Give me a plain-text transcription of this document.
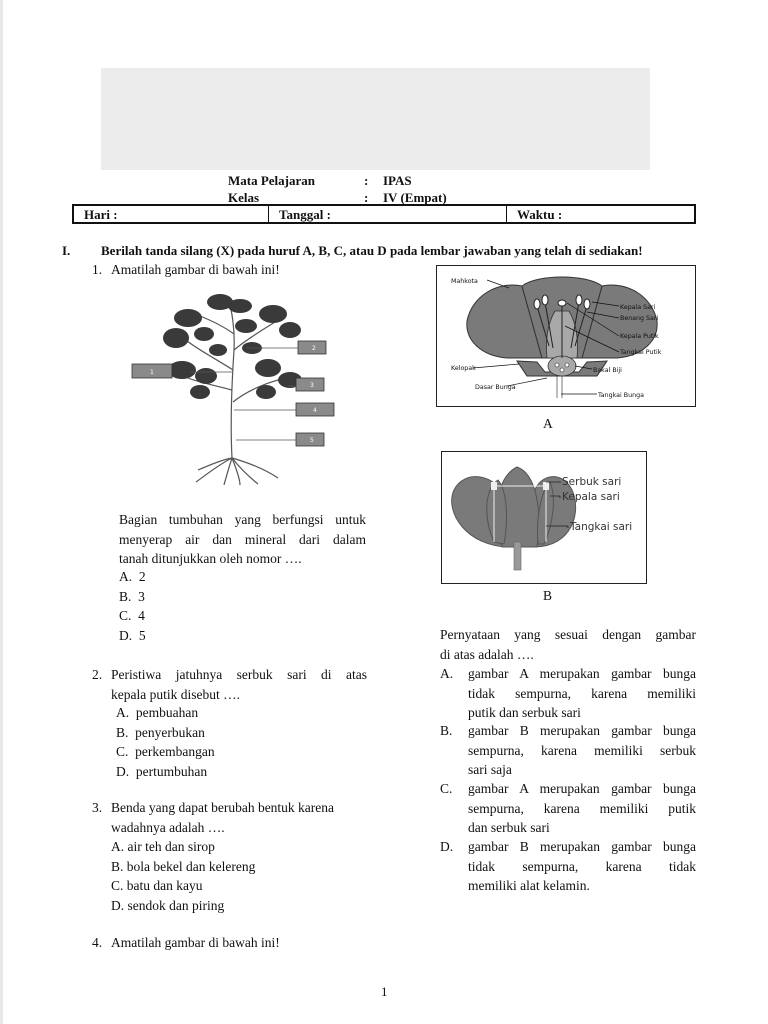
Mata Pelajaran	: IPAS
Kelas	: IV (Empat)
Hari :	Tanggal :	Waktu :
I. Berilah tanda silang (X) pada huruf A, B, C, atau D pada lembar jawaban yang telah di sediakan!
1. Amatilah gambar di bawah ini!
2
1
3
4
5
Bagian tumbuhan yang berfungsi untuk
menyerap air dan mineral dari dalam
tanah ditunjukkan oleh nomor ….
A. 2
B. 3
C. 4
D. 5
2. Peristiwa jatuhnya serbuk sari di atas
kepala putik disebut ….
A. pembuahan
B. penyerbukan
C. perkembangan
D. pertumbuhan
3. Benda yang dapat berubah bentuk karena
wadahnya adalah ….
A. air teh dan sirop
B. bola bekel dan kelereng
C. batu dan kayu
D. sendok dan piring
4. Amatilah gambar di bawah ini!
Mahkota
Kepala Sari
Benang Sari
Kepala Putik
Tangkai Putik
Kelopak	Bakal Biji
Dasar Bunga
Tangkai Bunga
A
Serbuk sari
Kepala sari
Tangkai sari
-
-
-
B
Pernyataan yang sesuai dengan gambar
di atas adalah ….
A. gambar A merupakan gambar bunga
tidak sempurna, karena memiliki
putik dan serbuk sari
B. gambar B merupakan gambar bunga
sempurna, karena memiliki serbuk
sari saja
C. gambar A merupakan gambar bunga
sempurna, karena memiliki putik
dan serbuk sari
D. gambar B merupakan gambar bunga
tidak sempurna, karena tidak
memiliki alat kelamin.
1
